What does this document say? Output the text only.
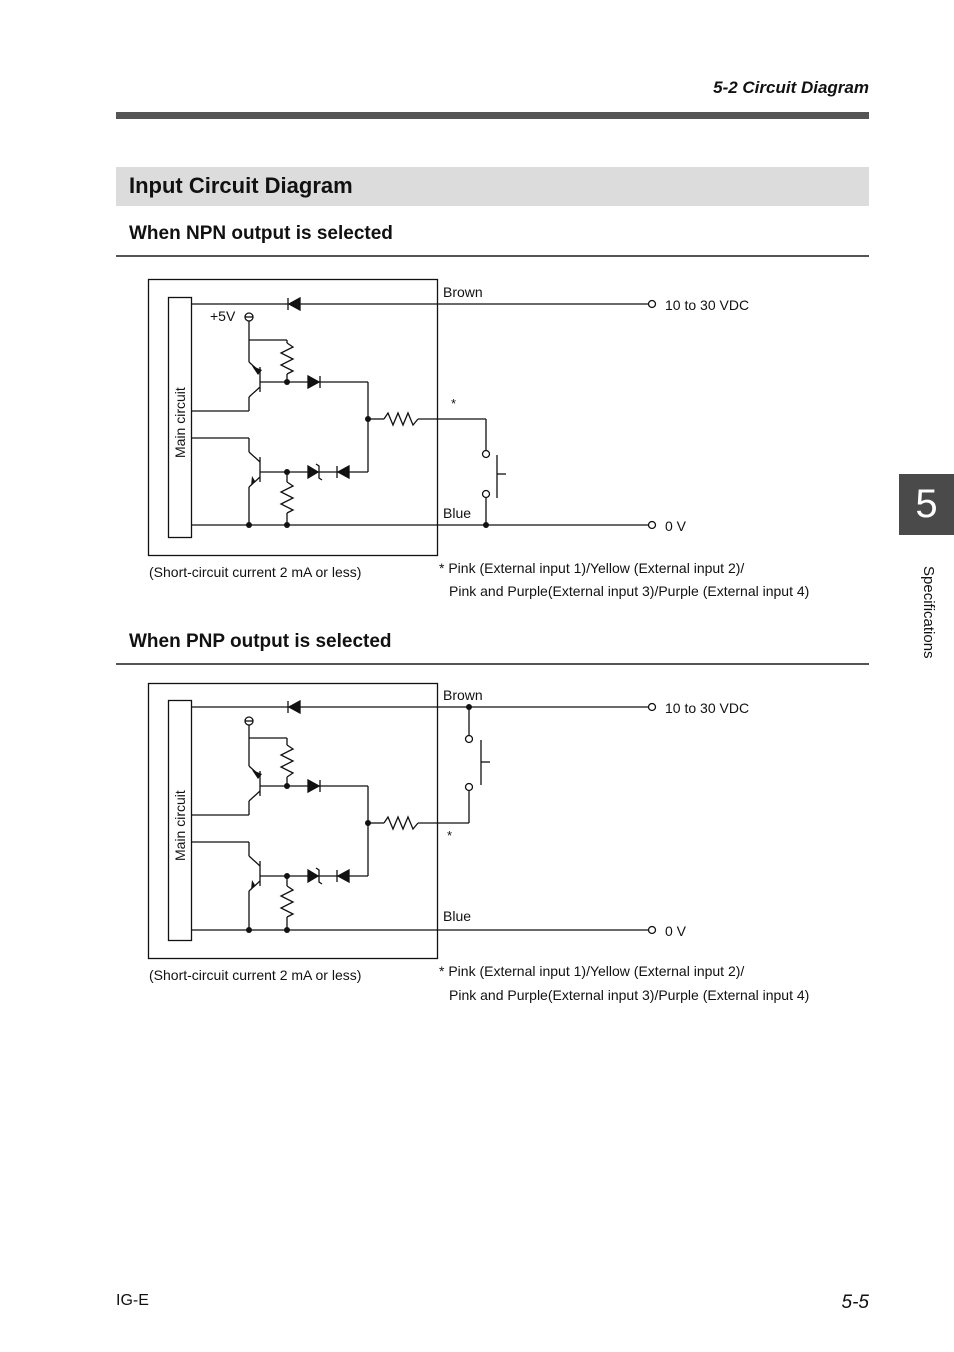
5-2 Circuit Diagram
Input Circuit Diagram
When NPN output is selected
Brown
Blue
10 to 30 VDC
0 V
+5V
*
Main circuit
(Short-circuit current 2 mA or less)	* Pink (External input 1)/Yellow (External input 2)/
Pink and Purple(External input 3)/Purple (External input 4)
When PNP output is selected
Brown
Blue
10 to 30 VDC
0 V
*
Main circuit
(Short-circuit current 2 mA or less)	* Pink (External input 1)/Yellow (External input 2)/
Pink and Purple(External input 3)/Purple (External input 4)
5
Specifications
IG-E	5-5
